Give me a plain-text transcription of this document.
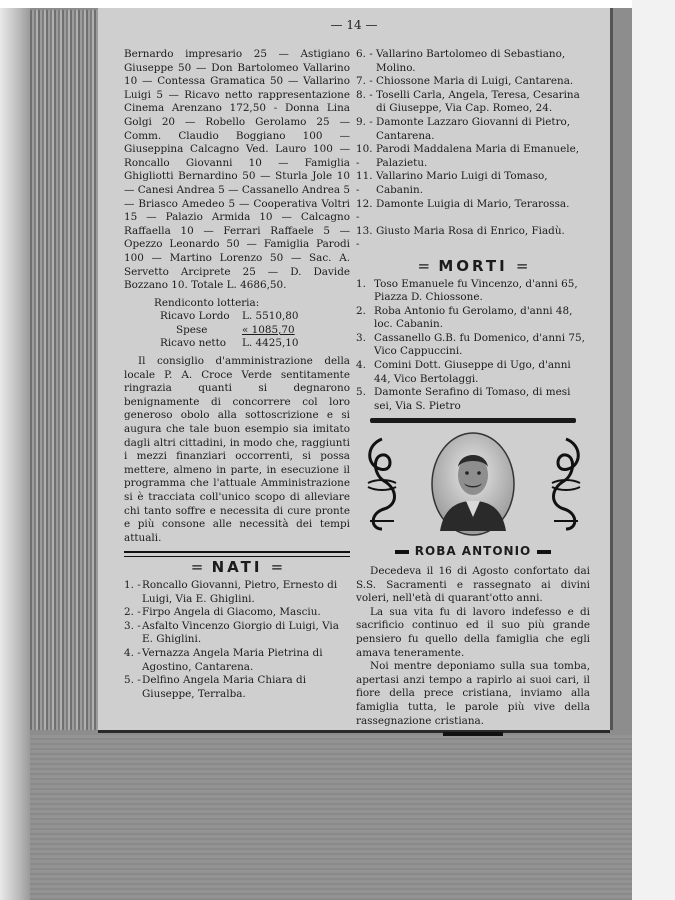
— 14 —

Bernardo impresario 25 — Astigiano Giuseppe 50 — Don Bartolomeo Vallarino 10 — Contessa Gramatica 50 — Vallarino Luigi 5 — Ricavo netto rappresentazione Cinema Arenzano 172,50 - Donna Lina Golgi 20 — Robello Gerolamo 25 — Comm. Claudio Boggiano 100 — Giuseppina Calcagno Ved. Lauro 100 — Roncallo Giovanni 10 — Famiglia Ghigliotti Bernardino 50 — Sturla Jole 10 — Canesi Andrea 5 — Cassanello Andrea 5 — Briasco Amedeo 5 — Cooperativa Voltri 15 — Palazio Armida 10 — Calcagno Raffaella 10 — Ferrari Raffaele 5 — Opezzo Leonardo 50 — Famiglia Parodi 100 — Martino Lorenzo 50 — Sac. A. Servetto Arciprete 25 — D. Davide Bozzano 10. Totale L. 4686,50.

Rendiconto lotteria:
Ricavo Lordo	L. 5510,80
Spese	« 1085,70
Ricavo netto	L. 4425,10

Il consiglio d'amministrazione della locale P. A. Croce Verde sentitamente ringrazia quanti si degnarono benignamente di concorrere col loro generoso obolo alla sottoscrizione e si augura che tale buon esempio sia imitato dagli altri cittadini, in modo che, raggiunti i mezzi finanziari occorrenti, si possa mettere, almeno in parte, in esecuzione il programma che l'attuale Amministrazione si è tracciata coll'unico scopo di alleviare chi tanto soffre e necessita di cure pronte e più consone alle necessità dei tempi attuali.

= NATI =
1. - Roncallo Giovanni, Pietro, Ernesto di Luigi, Via E. Ghiglini.
2. - Firpo Angela di Giacomo, Masciu.
3. - Asfalto Vincenzo Giorgio di Luigi, Via E. Ghiglini.
4. - Vernazza Angela Maria Pietrina di Agostino, Cantarena.
5. - Delfino Angela Maria Chiara di Giuseppe, Terralba.
6. - Vallarino Bartolomeo di Sebastiano, Molino.
7. - Chiossone Maria di Luigi, Cantarena.
8. - Toselli Carla, Angela, Teresa, Cesarina di Giuseppe, Via Cap. Romeo, 24.
9. - Damonte Lazzaro Giovanni di Pietro, Cantarena.
10. -
Parodi Maddalena Maria di Emanuele, Palazietu.
11. -
Vallarino Mario Luigi di Tomaso, Cabanin.
12. -
Damonte Luigia di Mario, Terarossa.
13. -
Giusto Maria Rosa di Enrico, Fiadù.
= MORTI =
1. Toso Emanuele fu Vincenzo, d'anni 65, Piazza D. Chiossone.
2. Roba Antonio fu Gerolamo, d'anni 48, loc. Cabanin.
3. Cassanello G.B. fu Domenico, d'anni 75, Vico Cappuccini.
4. Comini Dott. Giuseppe di Ugo, d'anni 44, Vico Bertolaggi.
5. Damonte Serafino di Tomaso, di mesi sei, Via S. Pietro
ROBA ANTONIO

Decedeva il 16 di Agosto confortato dai S.S. Sacramenti e rassegnato ai divini voleri, nell'età di quarant'otto anni.

La sua vita fu di lavoro indefesso e di sacrificio continuo ed il suo più grande pensiero fu quello della famiglia che egli amava teneramente.

Noi mentre deponiamo sulla sua tomba, apertasi anzi tempo a rapirlo ai suoi cari, il fiore della prece cristiana, inviamo alla famiglia tutta, le parole più vive della rassegnazione cristiana.
